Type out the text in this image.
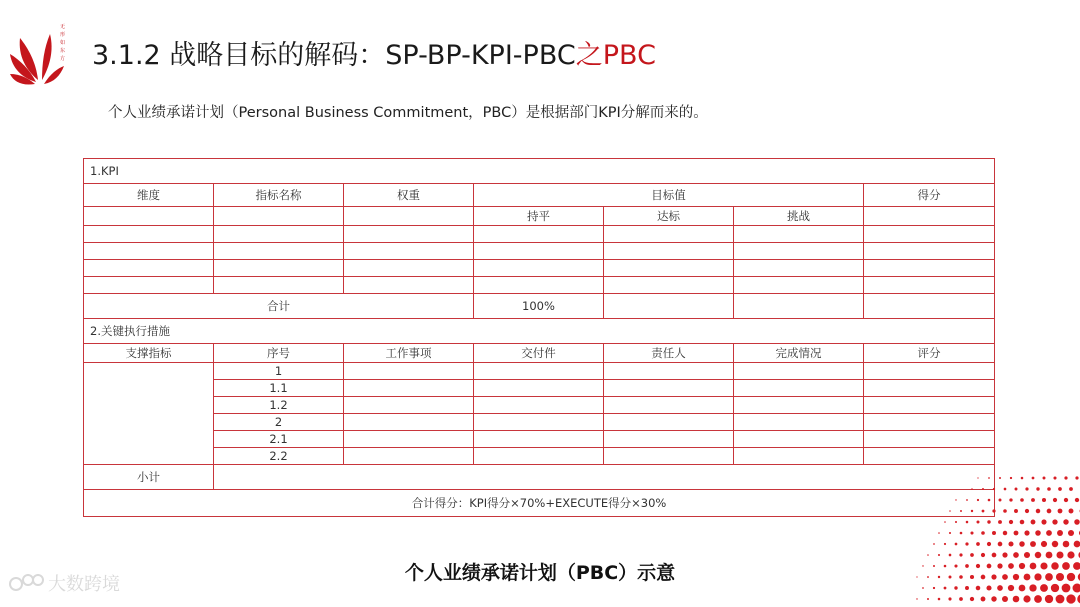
无
形
如
东
方 3.1.2 战略目标的解码：SP-BP-KPI-PBC之PBC
个人业绩承诺计划（Personal Business Commitment，PBC）是根据部门KPI分解而来的。
1.KPI						
维度	指标名称	权重	目标值			得分
			持平	达标	挑战	

合计			100%			
2.关键执行措施						
支撑指标	序号	工作事项	交付件	责任人	完成情况	评分
	1					
	1.1					
	1.2					
	2					
	2.1					
	2.2					
小计						
合计得分：KPI得分×70%+EXECUTE得分×30%						
个人业绩承诺计划（PBC）示意
大数跨境
